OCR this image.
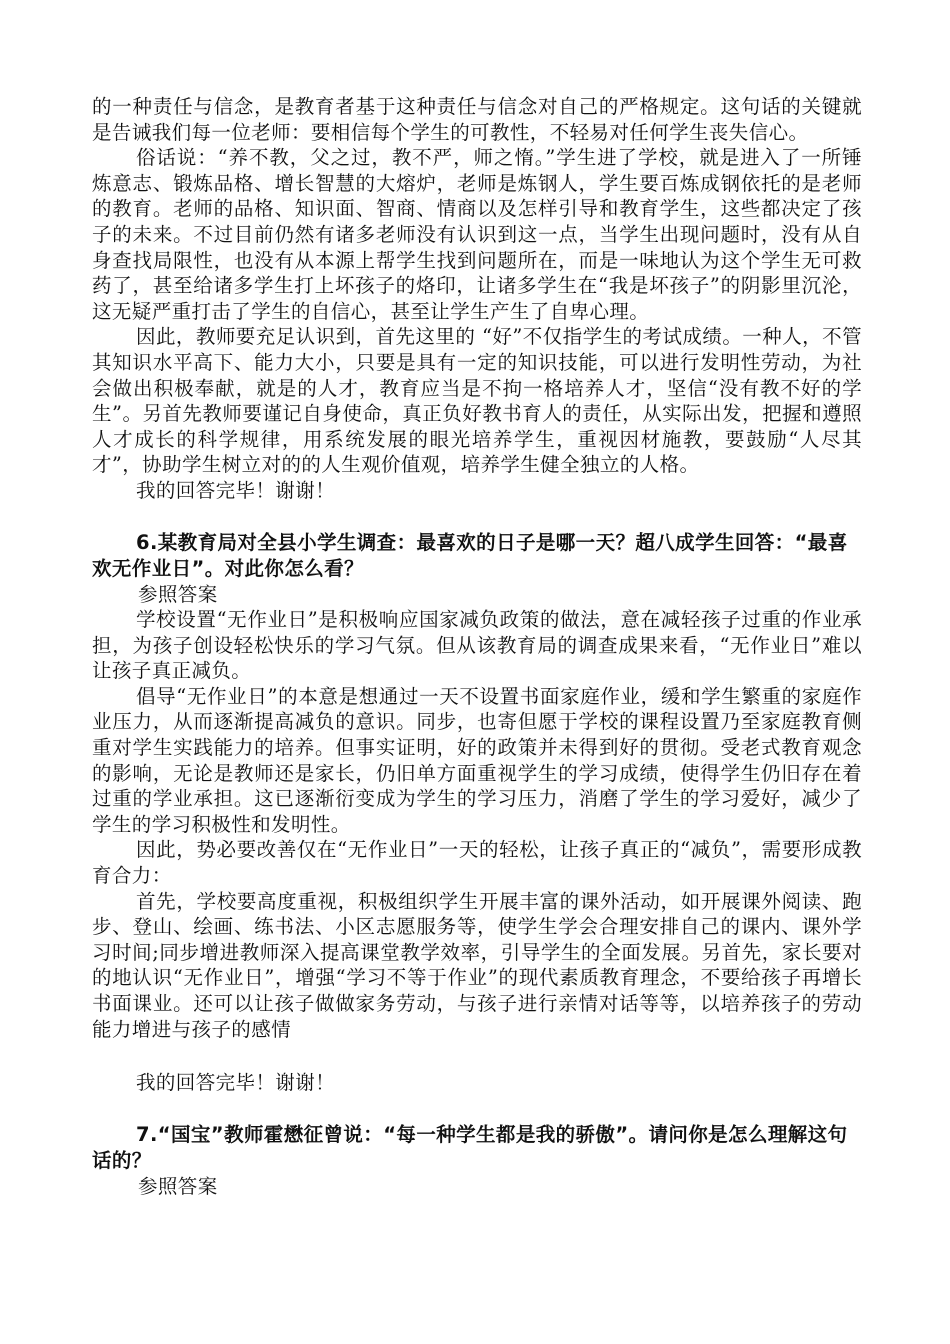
的一种责任与信念，是教育者基于这种责任与信念对自己的严格规定。这句话的关键就是告诫我们每一位老师：要相信每个学生的可教性，不轻易对任何学生丧失信心。

俗话说：“养不教，父之过，教不严，师之惰。”学生进了学校，就是进入了一所锤炼意志、锻炼品格、增长智慧的大熔炉，老师是炼钢人，学生要百炼成钢依托的是老师的教育。老师的品格、知识面、智商、情商以及怎样引导和教育学生，这些都决定了孩子的未来。不过目前仍然有诸多老师没有认识到这一点，当学生出现问题时，没有从自身查找局限性，也没有从本源上帮学生找到问题所在，而是一味地认为这个学生无可救药了，甚至给诸多学生打上坏孩子的烙印，让诸多学生在“我是坏孩子”的阴影里沉沦，这无疑严重打击了学生的自信心，甚至让学生产生了自卑心理。

因此，教师要充足认识到，首先这里的 “好”不仅指学生的考试成绩。一种人，不管其知识水平高下、能力大小，只要是具有一定的知识技能，可以进行发明性劳动，为社会做出积极奉献，就是的人才，教育应当是不拘一格培养人才，坚信“没有教不好的学生”。另首先教师要谨记自身使命，真正负好教书育人的责任，从实际出发，把握和遵照人才成长的科学规律，用系统发展的眼光培养学生，重视因材施教，要鼓励“人尽其才”，协助学生树立对的的人生观价值观，培养学生健全独立的人格。

我的回答完毕！谢谢！

6.某教育局对全县小学生调查：最喜欢的日子是哪一天？超八成学生回答：“最喜欢无作业日”。对此你怎么看？

参照答案

学校设置“无作业日”是积极响应国家减负政策的做法，意在减轻孩子过重的作业承担，为孩子创设轻松快乐的学习气氛。但从该教育局的调查成果来看，“无作业日”难以让孩子真正减负。

倡导“无作业日”的本意是想通过一天不设置书面家庭作业，缓和学生繁重的家庭作业压力，从而逐渐提高减负的意识。同步，也寄但愿于学校的课程设置乃至家庭教育侧重对学生实践能力的培养。但事实证明，好的政策并未得到好的贯彻。受老式教育观念的影响，无论是教师还是家长，仍旧单方面重视学生的学习成绩，使得学生仍旧存在着过重的学业承担。这已逐渐衍变成为学生的学习压力，消磨了学生的学习爱好，减少了学生的学习积极性和发明性。

因此，势必要改善仅在“无作业日”一天的轻松，让孩子真正的“减负”，需要形成教育合力：

首先，学校要高度重视，积极组织学生开展丰富的课外活动，如开展课外阅读、跑步、登山、绘画、练书法、小区志愿服务等，使学生学会合理安排自己的课内、课外学习时间;同步增进教师深入提高课堂教学效率，引导学生的全面发展。另首先，家长要对的地认识“无作业日”，增强“学习不等于作业”的现代素质教育理念，不要给孩子再增长书面课业。还可以让孩子做做家务劳动，与孩子进行亲情对话等等，以培养孩子的劳动能力增进与孩子的感情

我的回答完毕！谢谢！

7.“国宝”教师霍懋征曾说：“每一种学生都是我的骄傲”。请问你是怎么理解这句话的？

参照答案
